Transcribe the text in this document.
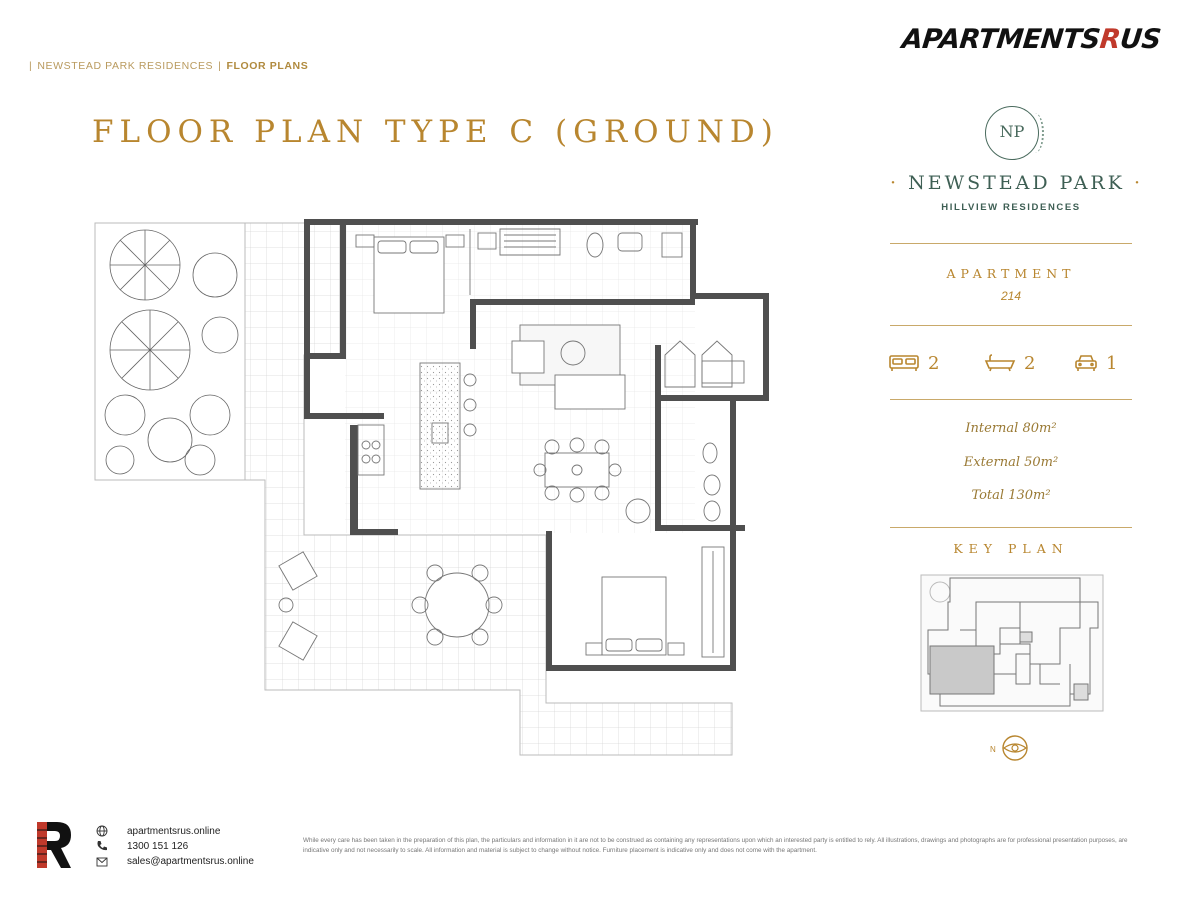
| NEWSTEAD PARK RESIDENCES | FLOOR PLANS
APARTMENTSRUS
FLOOR PLAN TYPE C (GROUND)	NP
· NEWSTEAD PARK ·
HILLVIEW RESIDENCES
APARTMENT
214
2	2	1
Internal 80m²
External 50m²
Total 130m²
KEY PLAN
N
apartmentsrus.online
1300 151 126
sales@apartmentsrus.online
While every care has been taken in the preparation of this plan, the particulars and information in it are not to be construed as containing any representations upon which an interested party is entitled to rely. All illustrations, drawings and photographs are for professional presentation purposes, are indicative only and not necessarily to scale. All information and material is subject to change without notice. Furniture placement is indicative only and does not come with the apartment.
